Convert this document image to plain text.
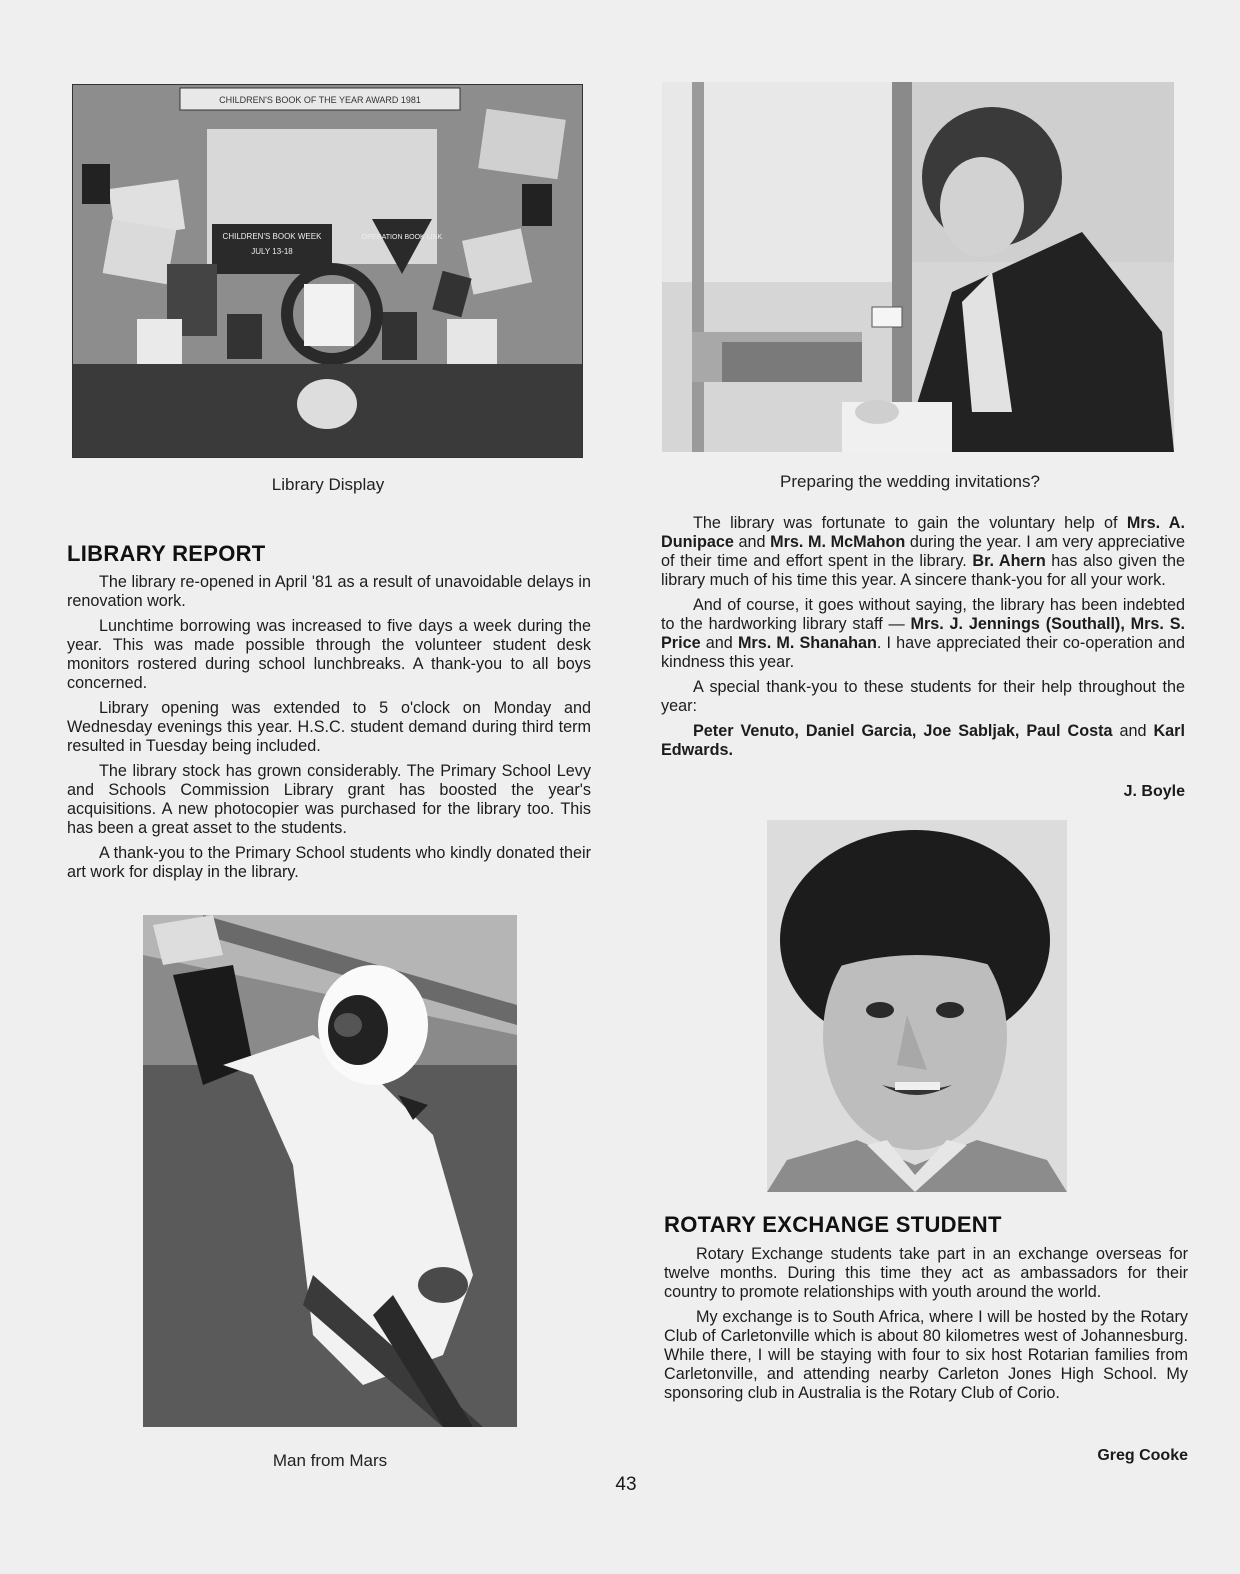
CHILDREN'S BOOK OF THE YEAR AWARD 1981
CHILDREN'S BOOK WEEK
JULY 13-18
OPERATION BOOK LINK
Library Display	Preparing the wedding invitations?
LIBRARY REPORT

The library re-opened in April '81 as a result of unavoidable delays in renovation work.

Lunchtime borrowing was increased to five days a week during the year. This was made possible through the volunteer student desk monitors rostered during school lunchbreaks. A thank-you to all boys concerned.

Library opening was extended to 5 o'clock on Monday and Wednesday evenings this year. H.S.C. student demand during third term resulted in Tuesday being included.

The library stock has grown considerably. The Primary School Levy and Schools Commission Library grant has boosted the year's acquisitions. A new photocopier was purchased for the library too. This has been a great asset to the students.

A thank-you to the Primary School students who kindly donated their art work for display in the library.

The library was fortunate to gain the voluntary help of Mrs. A. Dunipace and Mrs. M. McMahon during the year. I am very appreciative of their time and effort spent in the library. Br. Ahern has also given the library much of his time this year. A sincere thank-you for all your work.

And of course, it goes without saying, the library has been indebted to the hardworking library staff — Mrs. J. Jennings (Southall), Mrs. S. Price and Mrs. M. Shanahan. I have appreciated their co-operation and kindness this year.

A special thank-you to these students for their help throughout the year:

Peter Venuto, Daniel Garcia, Joe Sabljak, Paul Costa and Karl Edwards.

J. Boyle
Man from Mars
ROTARY EXCHANGE STUDENT

Rotary Exchange students take part in an exchange overseas for twelve months. During this time they act as ambassadors for their country to promote relationships with youth around the world.

My exchange is to South Africa, where I will be hosted by the Rotary Club of Carletonville which is about 80 kilometres west of Johannesburg. While there, I will be staying with four to six host Rotarian families from Carletonville, and attending nearby Carleton Jones High School. My sponsoring club in Australia is the Rotary Club of Corio.

Greg Cooke
43
